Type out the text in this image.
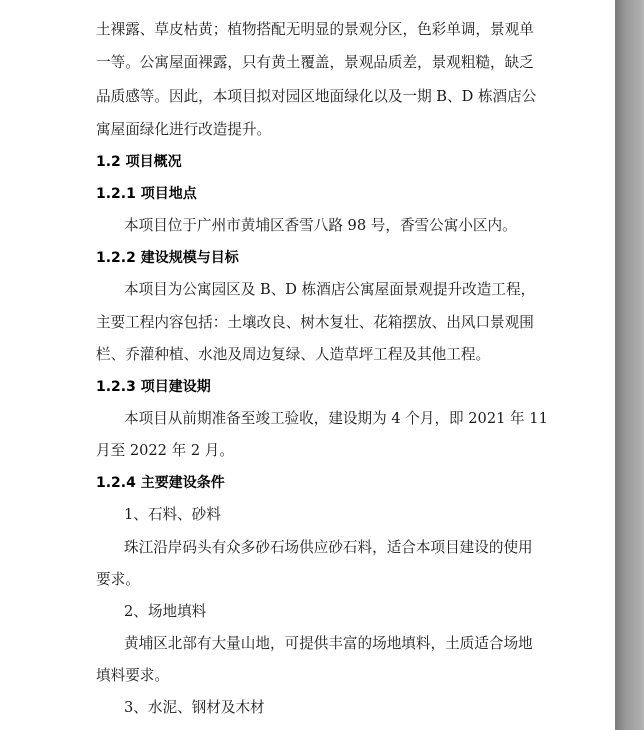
土裸露、草皮枯黄；植物搭配无明显的景观分区，色彩单调，景观单
一等。公寓屋面裸露，只有黄土覆盖，景观品质差，景观粗糙，缺乏
品质感等。因此，本项目拟对园区地面绿化以及一期 B、D 栋酒店公
寓屋面绿化进行改造提升。
1.2 项目概况
1.2.1 项目地点
本项目位于广州市黄埔区香雪八路 98 号，香雪公寓小区内。
1.2.2 建设规模与目标
本项目为公寓园区及 B、D 栋酒店公寓屋面景观提升改造工程，
主要工程内容包括：土壤改良、树木复壮、花箱摆放、出风口景观围
栏、乔灌种植、水池及周边复绿、人造草坪工程及其他工程。
1.2.3 项目建设期
本项目从前期准备至竣工验收，建设期为 4 个月，即 2021 年 11
月至 2022 年 2 月。
1.2.4 主要建设条件
1、石料、砂料
珠江沿岸码头有众多砂石场供应砂石料，适合本项目建设的使用
要求。
2、场地填料
黄埔区北部有大量山地，可提供丰富的场地填料，土质适合场地
填料要求。
3、水泥、钢材及木材
